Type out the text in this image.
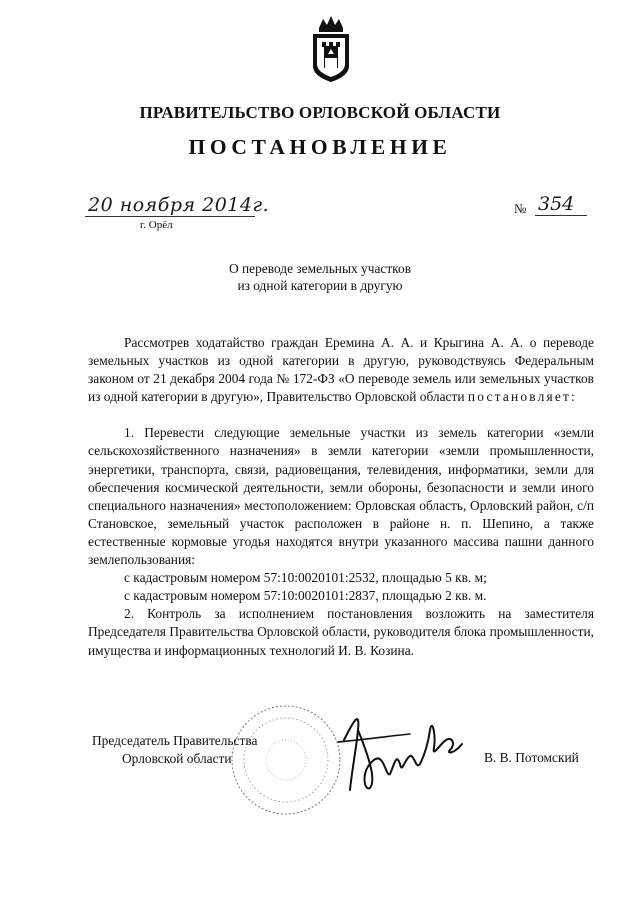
ПРАВИТЕЛЬСТВО ОРЛОВСКОЙ ОБЛАСТИ
ПОСТАНОВЛЕНИЕ
20 ноября 2014г.
г. Орёл
№ 354
О переводе земельных участков
из одной категории в другую

Рассмотрев ходатайство граждан Еремина А. А. и Крыгина А. А. о переводе земельных участков из одной категории в другую, руководствуясь Федеральным законом от 21 декабря 2004 года № 172-ФЗ «О переводе земель или земельных участков из одной категории в другую», Правительство Орловской области постановляет:

1. Перевести следующие земельные участки из земель категории «земли сельскохозяйственного назначения» в земли категории «земли промышленности, энергетики, транспорта, связи, радиовещания, телевидения, информатики, земли для обеспечения космической деятельности, земли обороны, безопасности и земли иного специального назначения» местоположением: Орловская область, Орловский район, с/п Становское, земельный участок расположен в районе н. п. Шепино, а также естественные кормовые угодья находятся внутри указанного массива пашни данного землепользования:

с кадастровым номером 57:10:0020101:2532, площадью 5 кв. м;

с кадастровым номером 57:10:0020101:2837, площадью 2 кв. м.

2. Контроль за исполнением постановления возложить на заместителя Председателя Правительства Орловской области, руководителя блока промышленности, имущества и информационных технологий И. В. Козина.

Председатель Правительства
Орловской области	В. В. Потомский
